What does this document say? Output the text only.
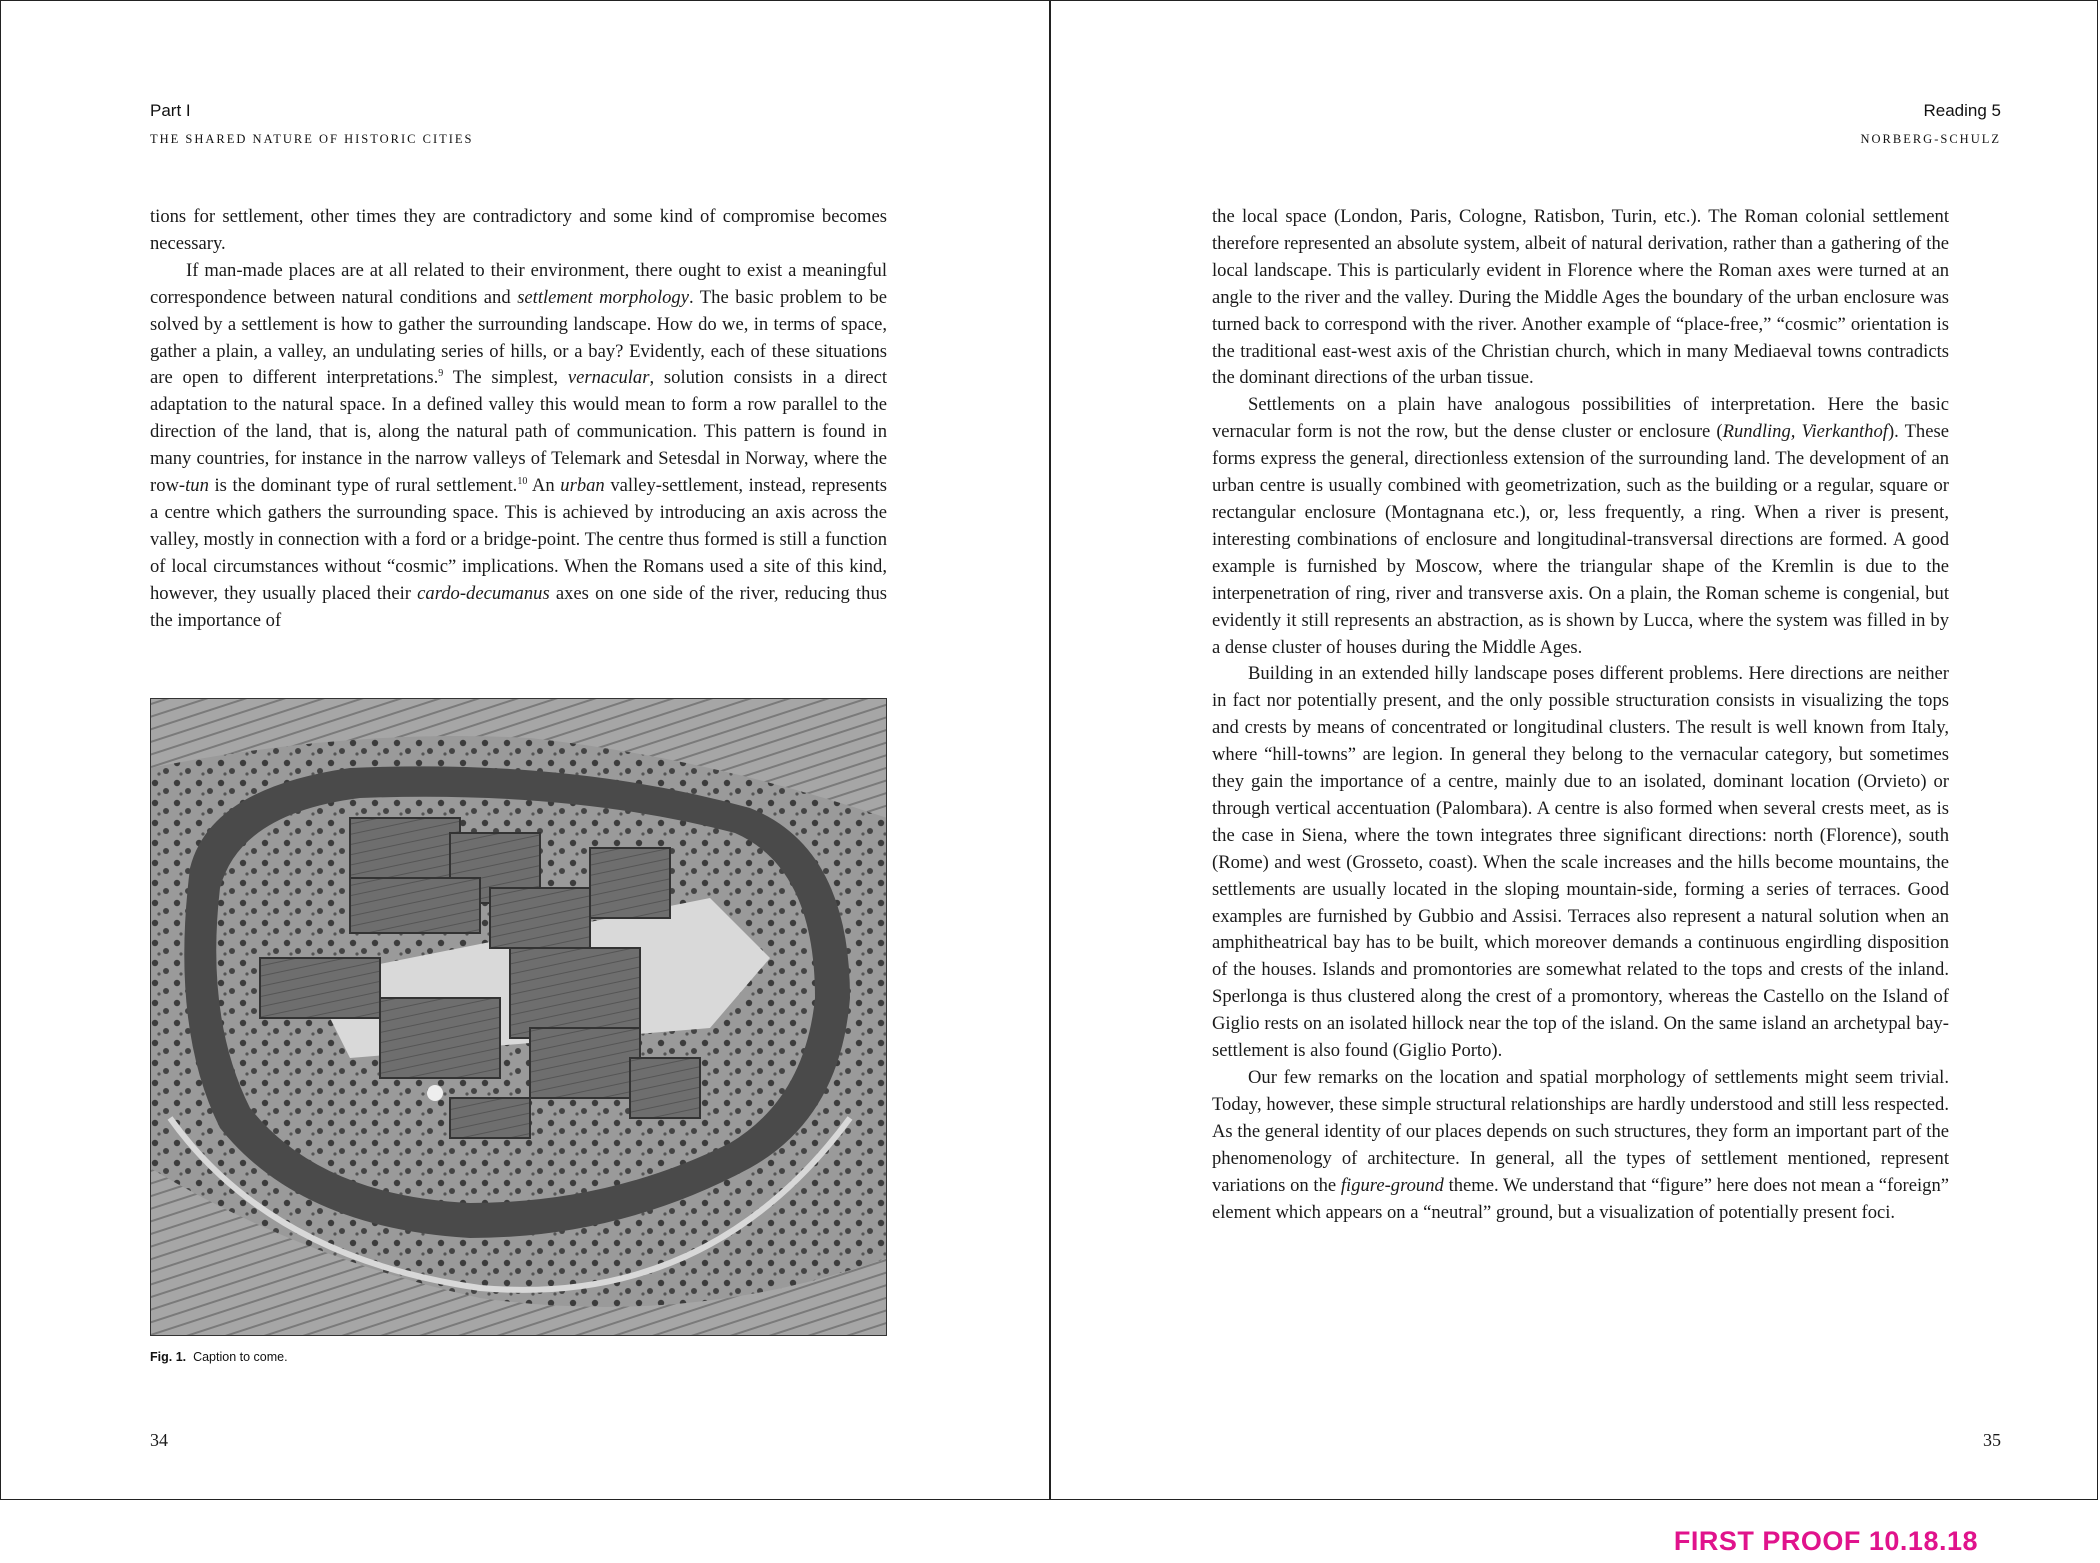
Part I
THE SHARED NATURE OF HISTORIC CITIES

tions for settlement, other times they are contradictory and some kind of compromise becomes necessary.

If man-made places are at all related to their environment, there ought to exist a meaningful correspondence between natural conditions and settlement morphology. The basic problem to be solved by a settlement is how to gather the surrounding landscape. How do we, in terms of space, gather a plain, a valley, an undulating series of hills, or a bay? Evidently, each of these situations are open to different interpretations.$^9$ The simplest, vernacular, solution consists in a direct adaptation to the natural space. In a defined valley this would mean to form a row parallel to the direction of the land, that is, along the natural path of communication. This pattern is found in many countries, for instance in the narrow valleys of Telemark and Setesdal in Norway, where the row-tun is the dominant type of rural settlement.$^{10}$ An urban valley-settlement, instead, represents a centre which gathers the surrounding space. This is achieved by introducing an axis across the valley, mostly in connection with a ford or a bridge-point. The centre thus formed is still a function of local circumstances without “cosmic” implications. When the Romans used a site of this kind, however, they usually placed their cardo-decumanus axes on one side of the river, reducing thus the importance of

Fig. 1. Caption to come.
34
Reading 5
NORBERG-SCHULZ

the local space (London, Paris, Cologne, Ratisbon, Turin, etc.). The Roman colonial settlement therefore represented an absolute system, albeit of natural derivation, rather than a gathering of the local landscape. This is particularly evident in Florence where the Roman axes were turned at an angle to the river and the valley. During the Middle Ages the boundary of the urban enclosure was turned back to correspond with the river. Another example of “place-free,” “cosmic” orientation is the traditional east-west axis of the Christian church, which in many Mediaeval towns contradicts the dominant directions of the urban tissue.

Settlements on a plain have analogous possibilities of interpretation. Here the basic vernacular form is not the row, but the dense cluster or enclosure (Rundling, Vierkanthof). These forms express the general, directionless extension of the surrounding land. The development of an urban centre is usually combined with geometrization, such as the building or a regular, square or rectangular enclosure (Montagnana etc.), or, less frequently, a ring. When a river is present, interesting combinations of enclosure and longitudinal-transversal directions are formed. A good example is furnished by Moscow, where the triangular shape of the Kremlin is due to the interpenetration of ring, river and transverse axis. On a plain, the Roman scheme is congenial, but evidently it still represents an abstraction, as is shown by Lucca, where the system was filled in by a dense cluster of houses during the Middle Ages.

Building in an extended hilly landscape poses different problems. Here directions are neither in fact nor potentially present, and the only possible structuration consists in visualizing the tops and crests by means of concentrated or longitudinal clusters. The result is well known from Italy, where “hill-towns” are legion. In general they belong to the vernacular category, but sometimes they gain the importance of a centre, mainly due to an isolated, dominant location (Orvieto) or through vertical accentuation (Palombara). A centre is also formed when several crests meet, as is the case in Siena, where the town integrates three significant directions: north (Florence), south (Rome) and west (Grosseto, coast). When the scale increases and the hills become mountains, the settlements are usually located in the sloping mountain-side, forming a series of terraces. Good examples are furnished by Gubbio and Assisi. Terraces also represent a natural solution when an amphitheatrical bay has to be built, which moreover demands a continuous engirdling disposition of the houses. Islands and promontories are somewhat related to the tops and crests of the inland. Sperlonga is thus clustered along the crest of a promontory, whereas the Castello on the Island of Giglio rests on an isolated hillock near the top of the island. On the same island an archetypal bay-settlement is also found (Giglio Porto).

Our few remarks on the location and spatial morphology of settlements might seem trivial. Today, however, these simple structural relationships are hardly understood and still less respected. As the general identity of our places depends on such structures, they form an important part of the phenomenology of architecture. In general, all the types of settlement mentioned, represent variations on the figure-ground theme. We understand that “figure” here does not mean a “foreign” element which appears on a “neutral” ground, but a visualization of potentially present foci.

35
FIRST PROOF 10.18.18
